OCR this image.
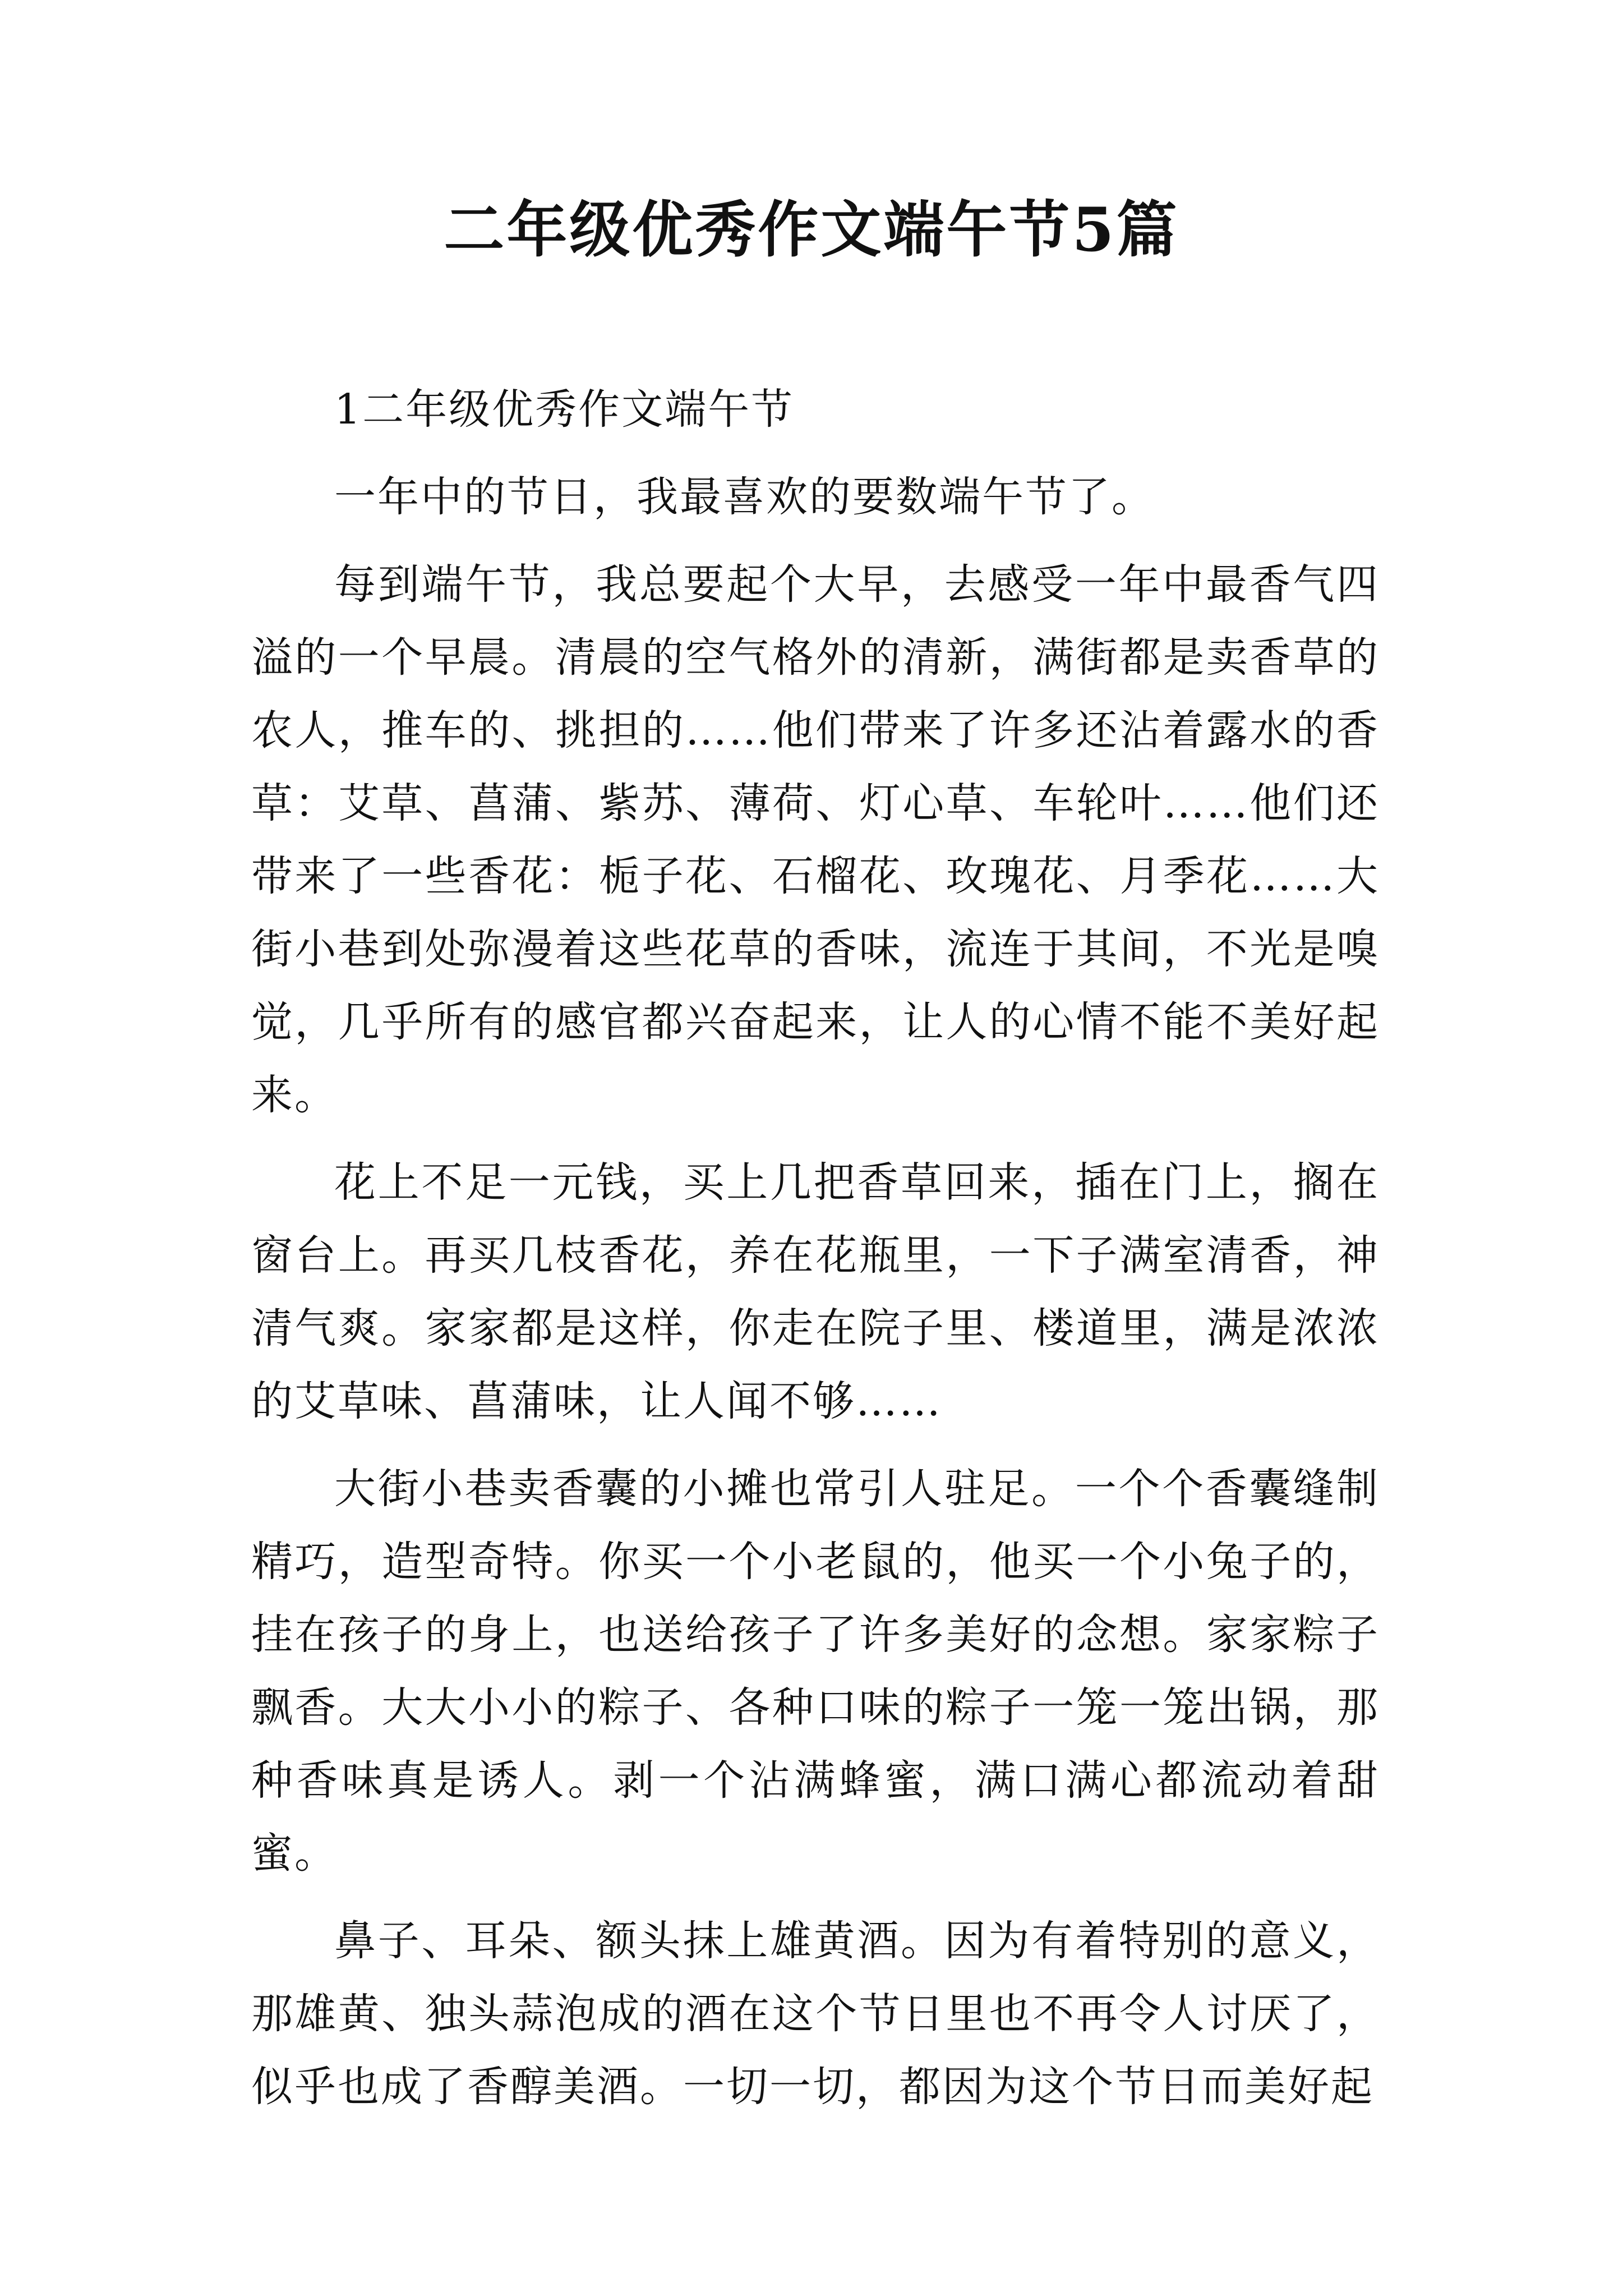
二年级优秀作文端午节5篇

1二年级优秀作文端午节

一年中的节日，我最喜欢的要数端午节了。

每到端午节，我总要起个大早，去感受一年中最香气四溢的一个早晨。清晨的空气格外的清新，满街都是卖香草的农人，推车的、挑担的……他们带来了许多还沾着露水的香草：艾草、菖蒲、紫苏、薄荷、灯心草、车轮叶……他们还带来了一些香花：栀子花、石榴花、玫瑰花、月季花……大街小巷到处弥漫着这些花草的香味，流连于其间，不光是嗅觉，几乎所有的感官都兴奋起来，让人的心情不能不美好起来。

花上不足一元钱，买上几把香草回来，插在门上，搁在窗台上。再买几枝香花，养在花瓶里，一下子满室清香，神清气爽。家家都是这样，你走在院子里、楼道里，满是浓浓的艾草味、菖蒲味，让人闻不够……

大街小巷卖香囊的小摊也常引人驻足。一个个香囊缝制精巧，造型奇特。你买一个小老鼠的，他买一个小兔子的，挂在孩子的身上，也送给孩子了许多美好的念想。家家粽子飘香。大大小小的粽子、各种口味的粽子一笼一笼出锅，那种香味真是诱人。剥一个沾满蜂蜜，满口满心都流动着甜蜜。

鼻子、耳朵、额头抹上雄黄酒。因为有着特别的意义，那雄黄、独头蒜泡成的酒在这个节日里也不再令人讨厌了，似乎也成了香醇美酒。一切一切，都因为这个节日而美好起
